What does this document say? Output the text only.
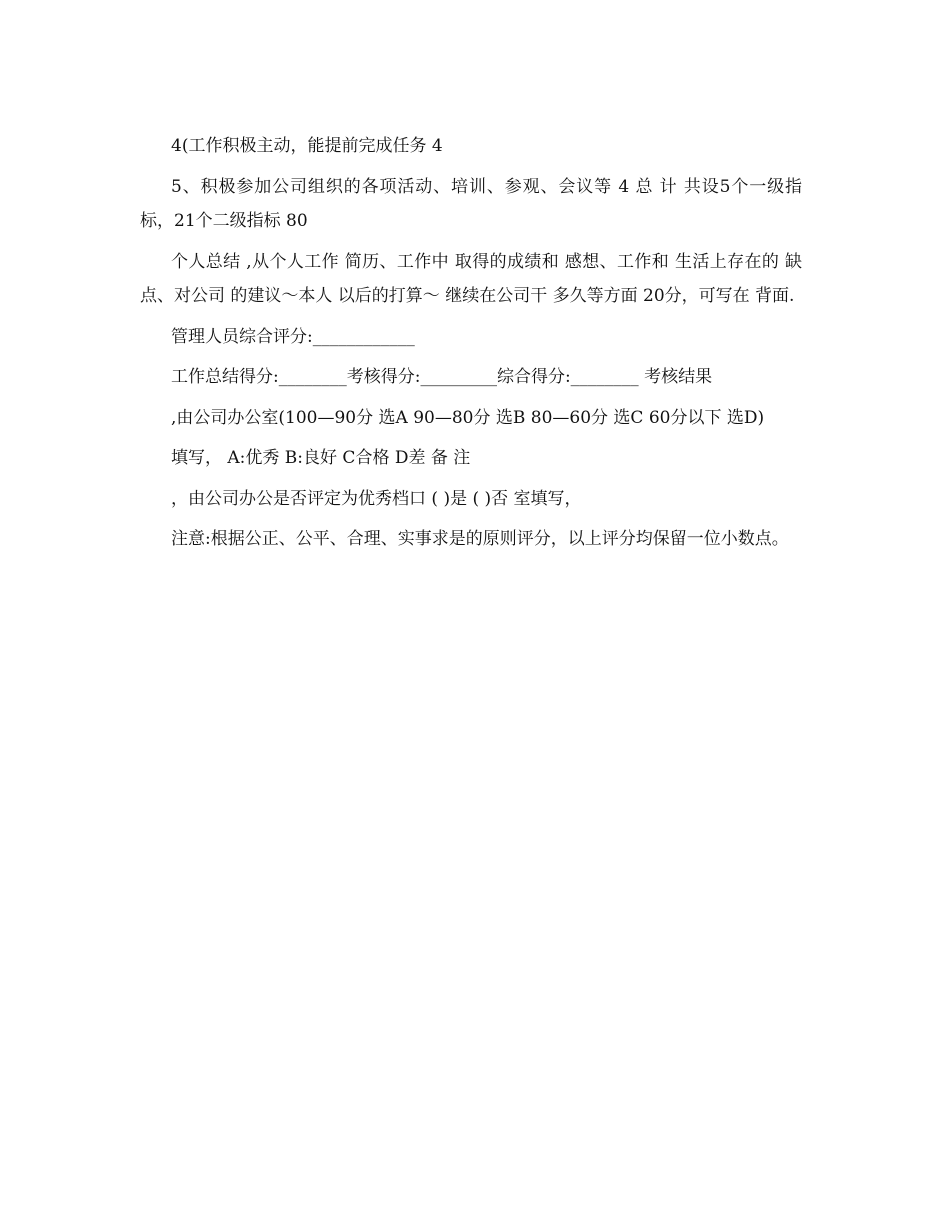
4(工作积极主动，能提前完成任务 4

5、积极参加公司组织的各项活动、培训、参观、会议等 4 总 计 共设5个一级指标，21个二级指标 80

个人总结 ,从个人工作 简历、工作中 取得的成绩和 感想、工作和 生活上存在的 缺点、对公司 的建议～本人 以后的打算～ 继续在公司干 多久等方面 20分，可写在 背面.

管理人员综合评分:____________

工作总结得分:________考核得分:_________综合得分:________ 考核结果

,由公司办公室(100—90分 选A 90—80分 选B 80—60分 选C 60分以下 选D)

填写， A:优秀 B:良好 C合格 D差 备 注

，由公司办公是否评定为优秀档口 ( )是 ( )否 室填写，

注意:根据公正、公平、合理、实事求是的原则评分，以上评分均保留一位小数点。
